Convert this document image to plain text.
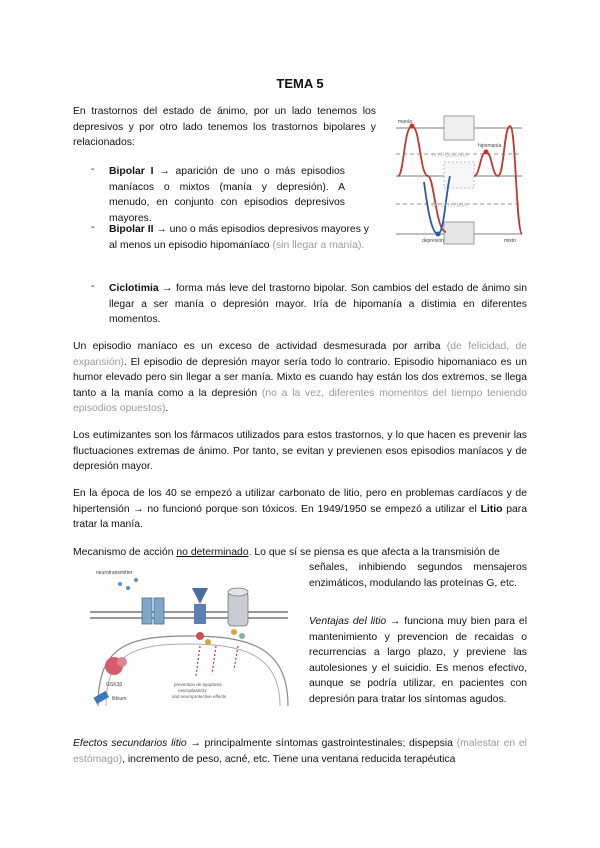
TEMA 5
En trastornos del estado de ánimo, por un lado tenemos los depresivos y por otro lado tenemos los trastornos bipolares y relacionados:
manía
hipomanía
HYPOMANIA
DYSTHYMIA
depresión	mixto
- Bipolar I → aparición de uno o más episodios maníacos o mixtos (manía y depresión). A menudo, en conjunto con episodios depresivos mayores.
- Bipolar II → uno o más episodios depresivos mayores y al menos un episodio hipomaníaco (sin llegar a manía).
- Ciclotimia → forma más leve del trastorno bipolar. Son cambios del estado de ánimo sin llegar a ser manía o depresión mayor. Iría de hipomanía a distimia en diferentes momentos.
Un episodio maníaco es un exceso de actividad desmesurada por arriba (de felicidad, de expansión). El episodio de depresión mayor sería todo lo contrario. Episodio hipomaniaco es un humor elevado pero sin llegar a ser manía. Mixto es cuando hay están los dos extremos, se llega tanto a la manía como a la depresión (no a la vez, diferentes momentos del tiempo teniendo episodios opuestos).
Los eutimizantes son los fármacos utilizados para estos trastornos, y lo que hacen es prevenir las fluctuaciones extremas de ánimo. Por tanto, se evitan y previenen esos episodios maníacos y de depresión mayor.
En la época de los 40 se empezó a utilizar carbonato de litio, pero en problemas cardíacos y de hipertensión → no funcionó porque son tóxicos. En 1949/1950 se empezó a utilizar el Litio para tratar la manía.
Mecanismo de acción no determinado. Lo que sí se piensa es que afecta a la transmisión de
señales, inhibiendo segundos mensajeros enzimáticos, modulando las proteínas G, etc.
neurotransmitter
GSK3β	prevention de apoptosis
neuroplasticity
and neuroprotective effects
lithium
Ventajas del litio → funciona muy bien para el mantenimiento y prevencion de recaidas o recurrencias a largo plazo, y previene las autolesiones y el suicidio. Es menos efectivo, aunque se podría utilizar, en pacientes con depresión para tratar los síntomas agudos.
Efectos secundarios litio → principalmente síntomas gastrointestinales; dispepsia (malestar en el estómago), incremento de peso, acné, etc. Tiene una ventana reducida terapéutica
